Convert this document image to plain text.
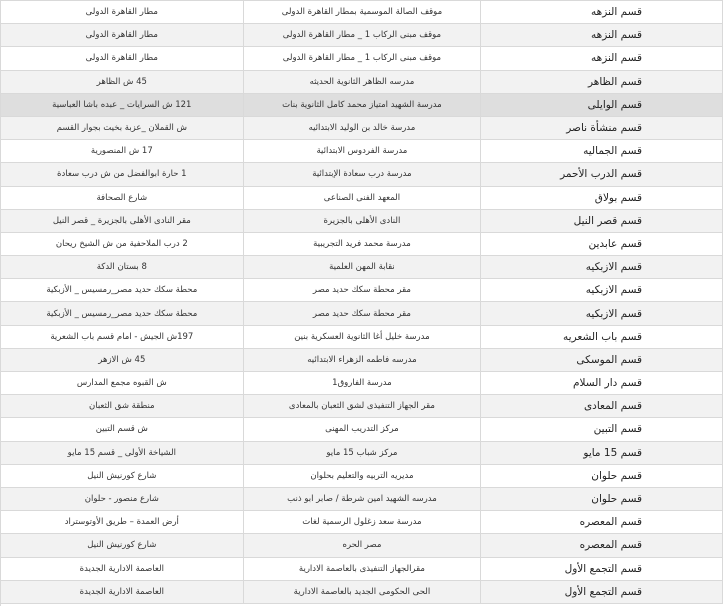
مطار القاهرة الدولى	موقف الصالة الموسمية بمطار القاهرة الدولى	قسم النزهه
مطار القاهرة الدولى	موقف مبنى الركاب 1 _ مطار القاهرة الدولى	قسم النزهه
مطار القاهرة الدولى	موقف مبنى الركاب 1 _ مطار القاهرة الدولى	قسم النزهه
45 ش الظاهر	مدرسه الظاهر الثانوية الحديثه	قسم الظاهر
121 ش السرايات _ عبده باشا العباسية	مدرسة الشهيد امتياز محمد كامل الثانوية بنات	قسم الوايلى
ش القملان _عزبة بخيت بجوار القسم	مدرسة خالد بن الوليد الابتدائيه	قسم منشأة ناصر
17 ش المنصورية	مدرسة الفردوس الابتدائية	قسم الجماليه
1 حارة ابوالفضل من ش درب سعادة	مدرسة درب سعادة الإبتدائية	قسم الدرب الأحمر
شارع الصحافة	المعهد الفنى الصناعى	قسم بولاق
مقر النادى الأهلى بالجزيرة _ قصر النيل	النادى الأهلى بالجزيرة	قسم قصر النيل
2 درب الملاحفية من ش الشيخ ريحان	مدرسة محمد فريد التجريبية	قسم عابدين
8 بستان الدكة	نقابة المهن العلمية	قسم الازبكيه
محطة سكك حديد مصر_رمسيس _ الأزبكية	مقر محطة سكك حديد مصر	قسم الازبكيه
محطة سكك حديد مصر_رمسيس _ الأزبكية	مقر محطة سكك حديد مصر	قسم الازبكيه
197ش الجيش - امام قسم باب الشعرية	مدرسة خليل أغا الثانوية العسكرية بنين	قسم باب الشعريه
45 ش الازهر	مدرسه فاطمه الزهراء الابتدائيه	قسم الموسكى
ش القبوه مجمع المدارس	مدرسة الفاروق1	قسم دار السلام
منطقة شق الثعبان	مقر الجهاز التنفيذى لشق الثعبان بالمعادى	قسم المعادى
ش قسم التبين	مركز التدريب المهنى	قسم التبين
الشياخة الأولى _ قسم 15 مايو	مركز شباب 15 مايو	قسم 15 مايو
شارع كورنيش النيل	مديريه التربيه والتعليم بحلوان	قسم حلوان
شارع منصور - حلوان	مدرسه الشهيد امين شرطة / صابر ابو ذنب	قسم حلوان
أرض العمدة – طريق الأوتوستراد	مدرسة سعد زغلول الرسمية لغات	قسم المعصره
شارع كورنيش النيل	مصر الحره	قسم المعصره
العاصمة الادارية الجديدة	مقرالجهاز التنفيذى بالعاصمة الادارية	قسم التجمع الأول
العاصمة الادارية الجديدة	الحى الحكومى الجديد بالعاصمة الادارية	قسم التجمع الأول
